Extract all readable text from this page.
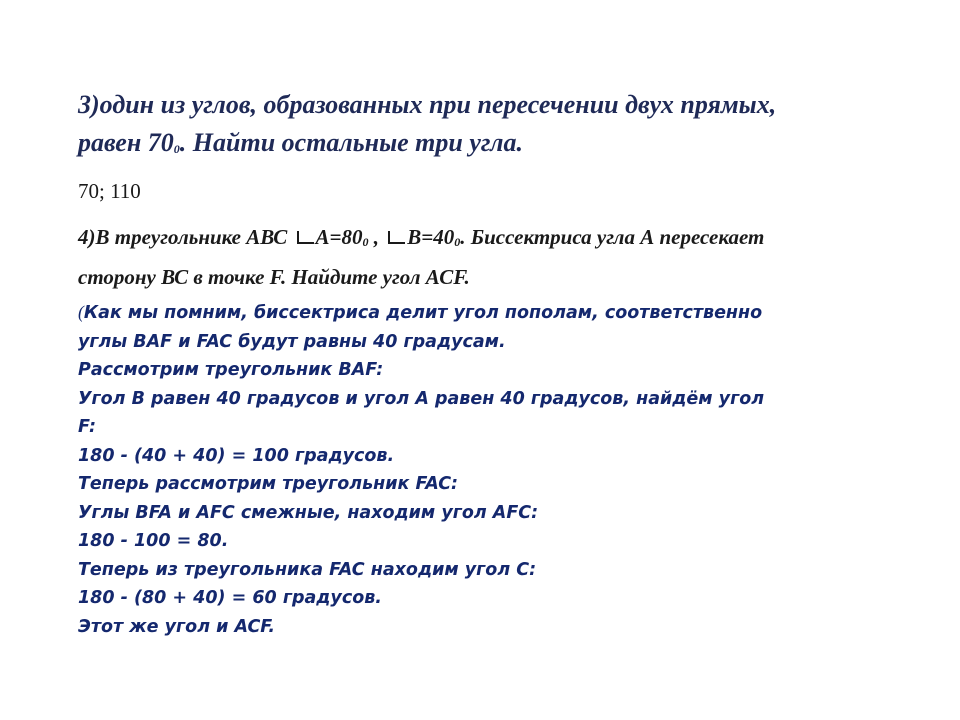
3)один из углов, образованных при пересечении двух прямых,
равен 700. Найти остальные три угла.

70; 110

4)В треугольнике АВС А=800 , В=400. Биссектриса угла А пересекает
сторону ВС в точке F. Найдите угол АСF.

(Как мы помним, биссектриса делит угол пополам, соответственно
углы BAF и FAC будут равны 40 градусам.
Рассмотрим треугольник BAF:
Угол B равен 40 градусов и угол A равен 40 градусов, найдём угол
F:
180 - (40 + 40) = 100 градусов.
Теперь рассмотрим треугольник FAC:
Углы BFA и AFC смежные, находим угол AFC:
180 - 100 = 80.
Теперь из треугольника FAC находим угол C:
180 - (80 + 40) = 60 градусов.
Этот же угол и ACF.
